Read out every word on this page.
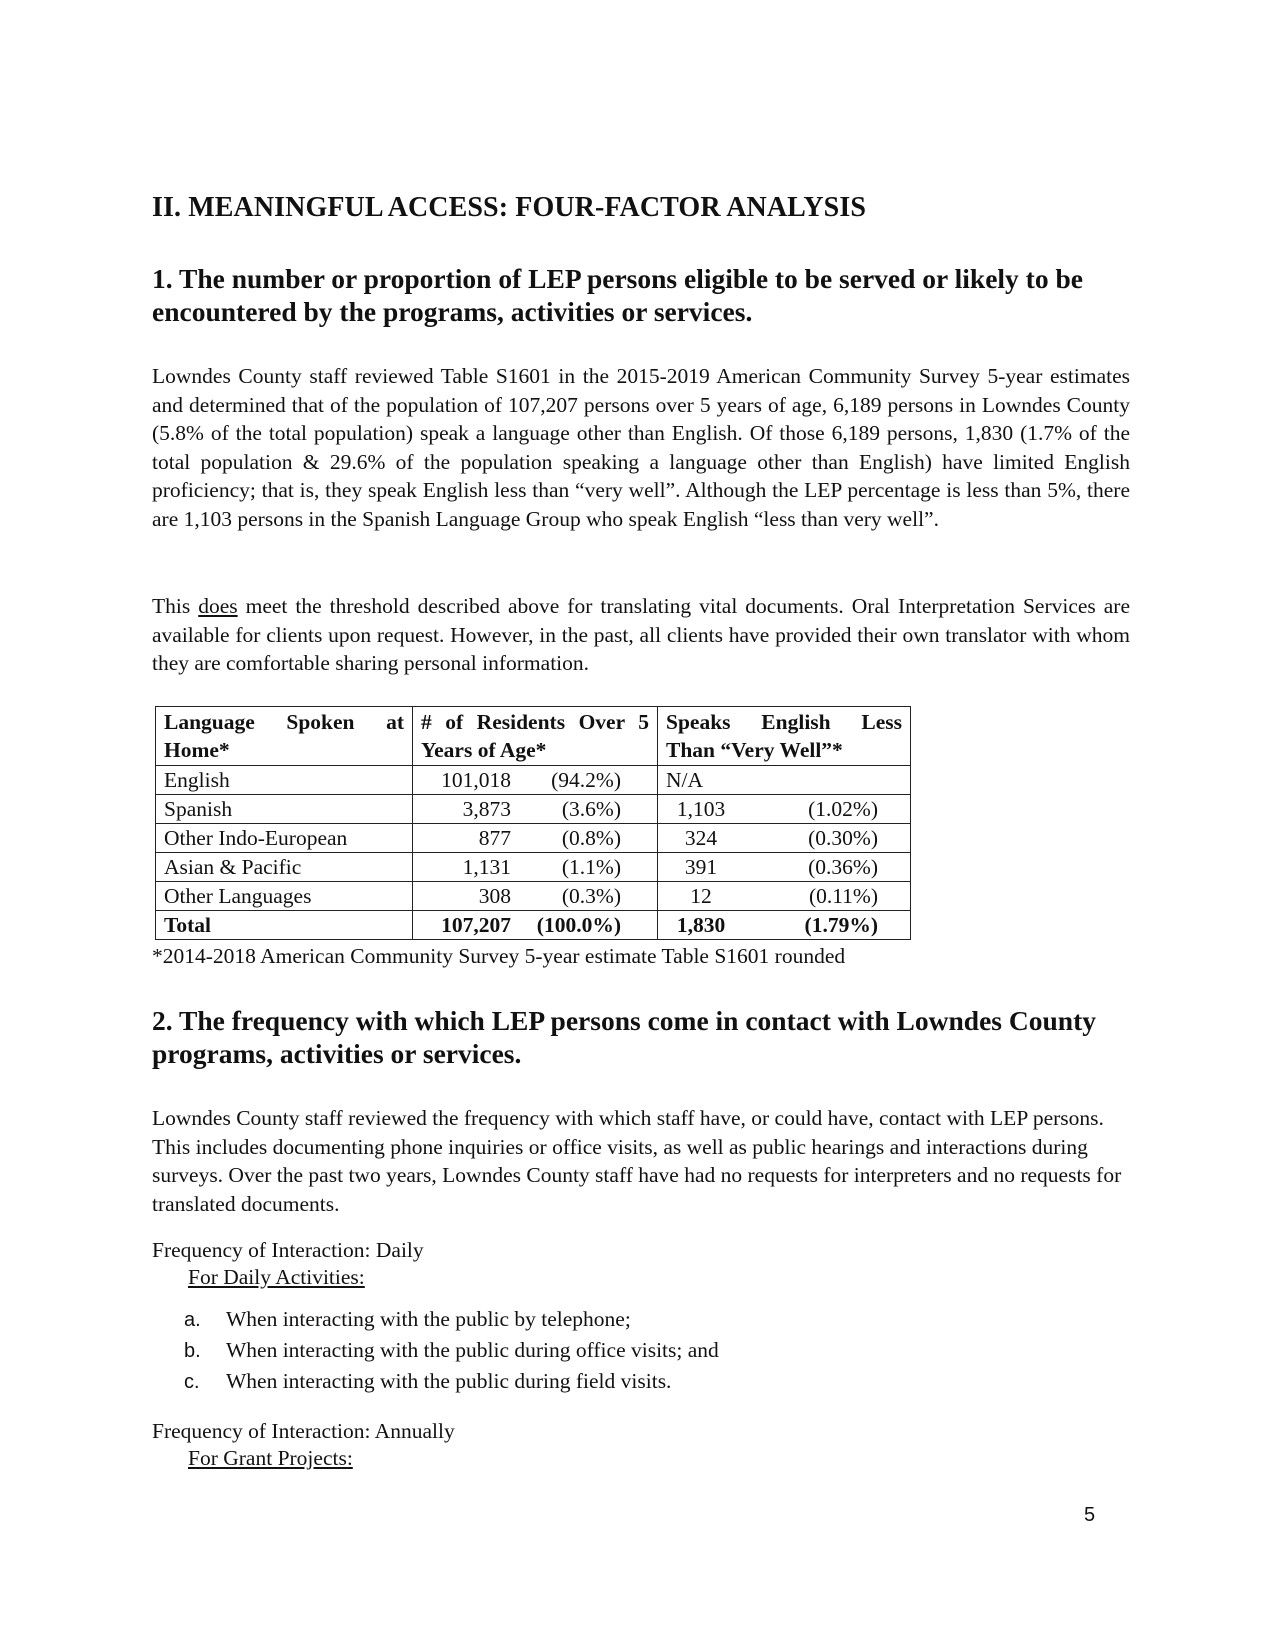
II. MEANINGFUL ACCESS: FOUR-FACTOR ANALYSIS
1. The number or proportion of LEP persons eligible to be served or likely to be encountered by the programs, activities or services.
Lowndes County staff reviewed Table S1601 in the 2015-2019 American Community Survey 5-year estimates and determined that of the population of 107,207 persons over 5 years of age, 6,189 persons in Lowndes County (5.8% of the total population) speak a language other than English. Of those 6,189 persons, 1,830 (1.7% of the total population & 29.6% of the population speaking a language other than English) have limited English proficiency; that is, they speak English less than “very well”. Although the LEP percentage is less than 5%, there are 1,103 persons in the Spanish Language Group who speak English “less than very well”.
This does meet the threshold described above for translating vital documents. Oral Interpretation Services are available for clients upon request. However, in the past, all clients have provided their own translator with whom they are comfortable sharing personal information.
Language Spoken at Home*	# of Residents Over 5 Years of Age*	Speaks English Less Than “Very Well”*
English	101,018 (94.2%)	N/A
Spanish	3,873 (3.6%)	1,103 (1.02%)
Other Indo-European	877 (0.8%)	324 (0.30%)
Asian & Pacific	1,131 (1.1%)	391 (0.36%)
Other Languages	308 (0.3%)	12 (0.11%)
Total	107,207 (100.0%)	1,830 (1.79%)
*2014-2018 American Community Survey 5-year estimate Table S1601 rounded
2. The frequency with which LEP persons come in contact with Lowndes County programs, activities or services.
Lowndes County staff reviewed the frequency with which staff have, or could have, contact with LEP persons. This includes documenting phone inquiries or office visits, as well as public hearings and interactions during surveys. Over the past two years, Lowndes County staff have had no requests for interpreters and no requests for translated documents.
Frequency of Interaction: Daily
For Daily Activities:
a. When interacting with the public by telephone;
b. When interacting with the public during office visits; and
c. When interacting with the public during field visits.
Frequency of Interaction: Annually
For Grant Projects:
5
